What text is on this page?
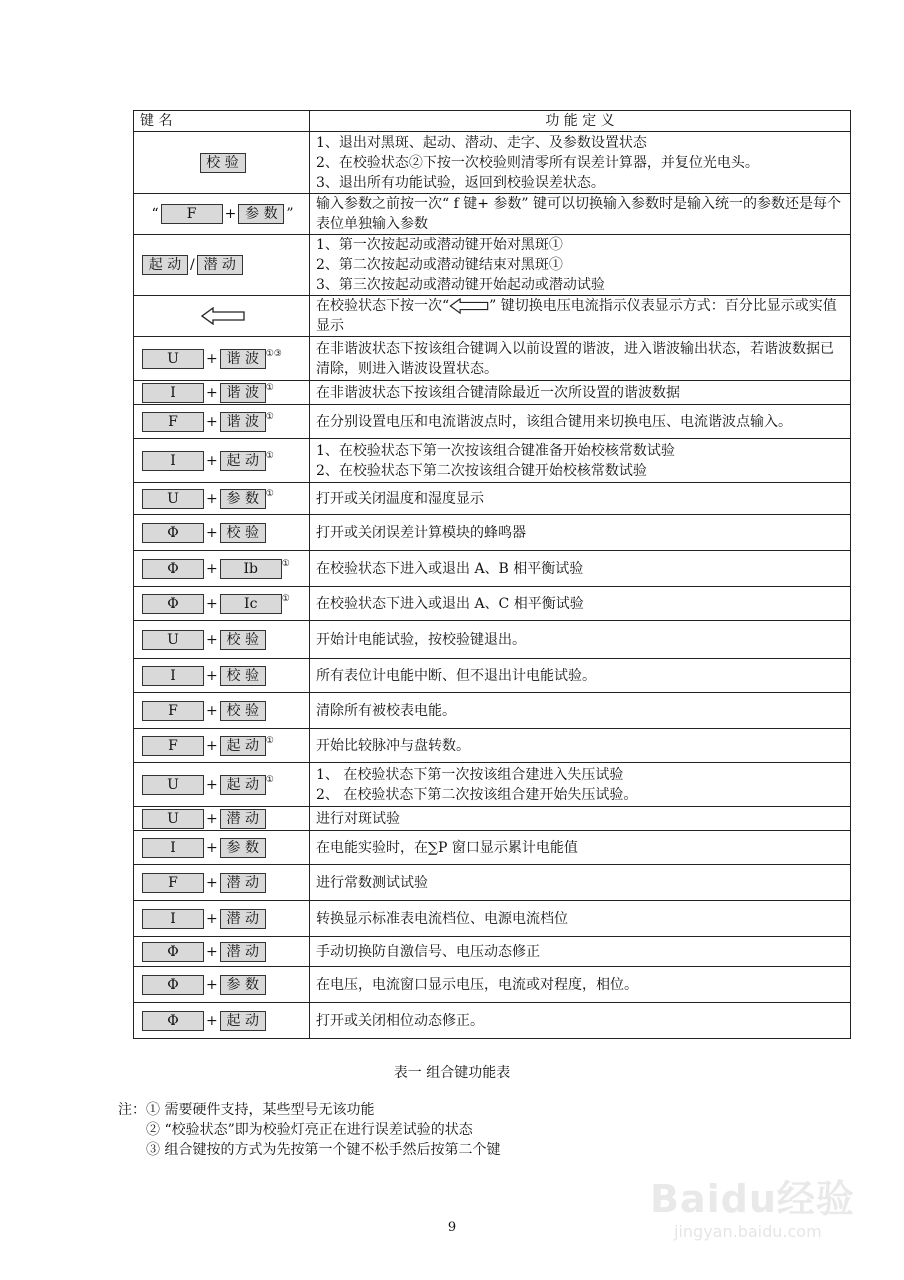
键 名	功 能 定 义
校 验	1、退出对黑斑、起动、潜动、走字、及参数设置状态
2、在校验状态②下按一次校验则清零所有误差计算器，并复位光电头。
3、退出所有功能试验，返回到校验误差状态。

“ F + 参 数 ”	输入参数之前按一次“ f 键+ 参数” 键可以切换输入参数时是输入统一的参数还是每个表位单独输入参数
起 动 / 潜 动	1、第一次按起动或潜动键开始对黑斑①
2、第二次按起动或潜动键结束对黑斑①
3、第三次按起动或潜动键开始起动或潜动试验

	在校验状态下按一次“ ” 键切换电压电流指示仪表显示方式：百分比显示或实值显示
U + 谐 波 ①③	在非谐波状态下按该组合键调入以前设置的谐波，进入谐波输出状态，若谐波数据已清除，则进入谐波设置状态。
I + 谐 波 ①	在非谐波状态下按该组合键清除最近一次所设置的谐波数据
F + 谐 波 ①	在分别设置电压和电流谐波点时，该组合键用来切换电压、电流谐波点输入。
I + 起 动 ①	1、在校验状态下第一次按该组合键准备开始校核常数试验
2、在校验状态下第二次按该组合键开始校核常数试验

U + 参 数 ①	打开或关闭温度和湿度显示
Φ + 校 验	打开或关闭误差计算模块的蜂鸣器
Φ + Ib ①	在校验状态下进入或退出 A、B 相平衡试验
Φ + Ic ①	在校验状态下进入或退出 A、C 相平衡试验
U + 校 验	开始计电能试验，按校验键退出。
I + 校 验	所有表位计电能中断、但不退出计电能试验。
F + 校 验	清除所有被校表电能。
F + 起 动 ①	开始比较脉冲与盘转数。
U + 起 动 ①	1、 在校验状态下第一次按该组合建进入失压试验
2、 在校验状态下第二次按该组合建开始失压试验。

U + 潜 动	进行对斑试验
I + 参 数	在电能实验时，在∑P 窗口显示累计电能值
F + 潜 动	进行常数测试试验
I + 潜 动	转换显示标准表电流档位、电源电流档位
Φ + 潜 动	手动切换防自激信号、电压动态修正
Φ + 参 数	在电压，电流窗口显示电压，电流或对程度，相位。
Φ + 起 动	打开或关闭相位动态修正。
表一 组合键功能表
注：① 需要硬件支持，某些型号无该功能
② “校验状态”即为校验灯亮正在进行误差试验的状态
③ 组合键按的方式为先按第一个键不松手然后按第二个键
9
Baidu经验
jingyan.baidu.com
